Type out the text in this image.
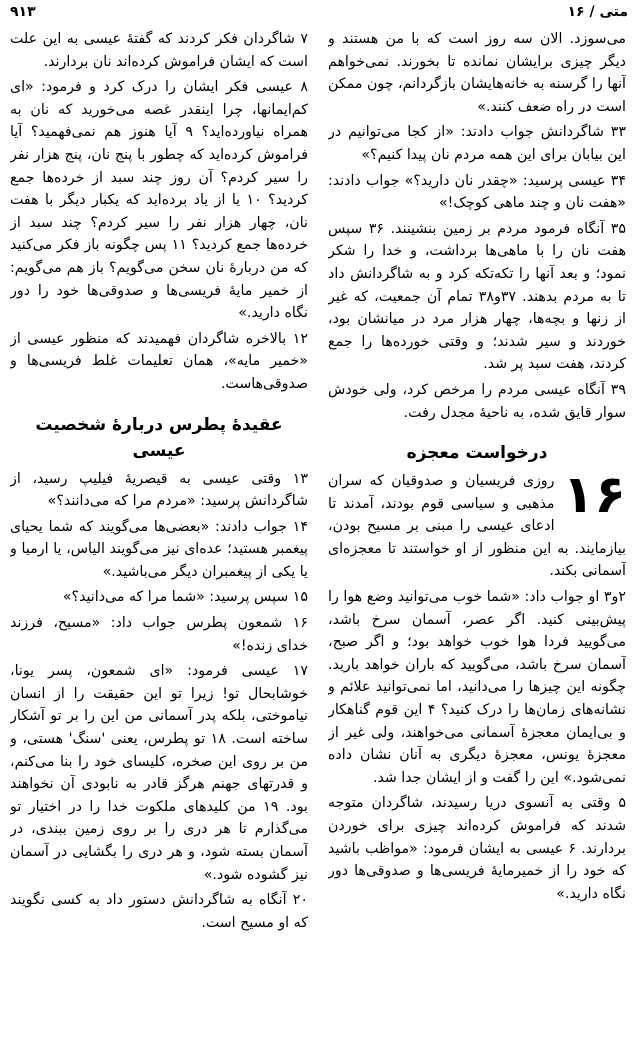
متی / ۱۶
۹۱۳

می‌سوزد. الان سه روز است که با من هستند و دیگر چیزی برایشان نمانده تا بخورند. نمی‌خواهم آنها را گرسنه به خانه‌هایشان بازگردانم، چون ممکن است در راه ضعف کنند.»

۳۳ شاگردانش جواب دادند: «از کجا می‌توانیم در این بیابان برای این همه مردم نان پیدا کنیم؟»

۳۴ عیسی پرسید: «چقدر نان دارید؟» جواب دادند: «هفت نان و چند ماهی کوچک!»

۳۵ آنگاه فرمود مردم بر زمین بنشینند. ۳۶ سپس هفت نان را با ماهی‌ها برداشت، و خدا را شکر نمود؛ و بعد آنها را تکه‌تکه کرد و به شاگردانش داد تا به مردم بدهند. ۳۷و۳۸ تمام آن جمعیت، که غیر از زنها و بچه‌ها، چهار هزار مرد در میانشان بود، خوردند و سیر شدند؛ و وقتی خورده‌ها را جمع کردند، هفت سبد پر شد.

۳۹ آنگاه عیسی مردم را مرخص کرد، ولی خودش سوار قایق شده، به ناحیهٔ مجدل رفت.

درخواست معجزه

۱۶
روزی فریسیان و صدوقیان که سران مذهبی و سیاسی قوم بودند، آمدند تا ادعای عیسی را مبنی بر مسیح بودن، بیازمایند. به این منظور از او خواستند تا معجزه‌ای آسمانی بکند.

۲و۳ او جواب داد: «شما خوب می‌توانید وضع هوا را پیش‌بینی کنید. اگر عصر، آسمان سرخ باشد، می‌گویید فردا هوا خوب خواهد بود؛ و اگر صبح، آسمان سرخ باشد، می‌گویید که باران خواهد بارید. چگونه این چیزها را می‌دانید، اما نمی‌توانید علائم و نشانه‌های زمان‌ها را درک کنید؟ ۴ این قوم گناهکار و بی‌ایمان معجزهٔ آسمانی می‌خواهند، ولی غیر از معجزهٔ یونس، معجزهٔ دیگری به آنان نشان داده نمی‌شود.» این را گفت و از ایشان جدا شد.

۵ وقتی به آنسوی دریا رسیدند، شاگردان متوجه شدند که فراموش کرده‌اند چیزی برای خوردن بردارند. ۶ عیسی به ایشان فرمود: «مواظب باشید که خود را از خمیرمایهٔ فریسی‌ها و صدوقی‌ها دور نگاه دارید.»

۷ شاگردان فکر کردند که گفتهٔ عیسی به این علت است که ایشان فراموش کرده‌اند نان بردارند.

۸ عیسی فکر ایشان را درک کرد و فرمود: «ای کم‌ایمانها، چرا اینقدر غصه می‌خورید که نان به همراه نیاورده‌اید؟ ۹ آیا هنوز هم نمی‌فهمید؟ آیا فراموش کرده‌اید که چطور با پنج نان، پنج هزار نفر را سیر کردم؟ آن روز چند سبد از خرده‌ها جمع کردید؟ ۱۰ یا از یاد برده‌اید که یکبار دیگر با هفت نان، چهار هزار نفر را سیر کردم؟ چند سبد از خرده‌ها جمع کردید؟ ۱۱ پس چگونه باز فکر می‌کنید که من دربارهٔ نان سخن می‌گویم؟ باز هم می‌گویم: از خمیر مایهٔ فریسی‌ها و صدوقی‌ها خود را دور نگاه دارید.»

۱۲ بالاخره شاگردان فهمیدند که منظور عیسی از «خمیر مایه»، همان تعلیمات غلط فریسی‌ها و صدوقی‌هاست.

عقیدهٔ پطرس دربارهٔ شخصیت عیسی

۱۳ وقتی عیسی به قیصریهٔ فیلیپ رسید، از شاگردانش پرسید: «مردم مرا که می‌دانند؟»

۱۴ جواب دادند: «بعضی‌ها می‌گویند که شما یحیای پیغمبر هستید؛ عده‌ای نیز می‌گویند الیاس، یا ارمیا و یا یکی از پیغمبران دیگر می‌باشید.»

۱۵ سپس پرسید: «شما مرا که می‌دانید؟»

۱۶ شمعون پطرس جواب داد: «مسیح، فرزند خدای زنده!»

۱۷ عیسی فرمود: «ای شمعون، پسر یونا، خوشابحال تو! زیرا تو این حقیقت را از انسان نیاموختی، بلکه پدر آسمانی من این را بر تو آشکار ساخته است. ۱۸ تو پطرس، یعنی 'سنگ' هستی، و من بر روی این صخره، کلیسای خود را بنا می‌کنم، و قدرتهای جهنم هرگز قادر به نابودی آن نخواهند بود. ۱۹ من کلیدهای ملکوت خدا را در اختیار تو می‌گذارم تا هر دری را بر روی زمین ببندی، در آسمان بسته شود، و هر دری را بگشایی در آسمان نیز گشوده شود.»

۲۰ آنگاه به شاگردانش دستور داد به کسی نگویند که او مسیح است.
